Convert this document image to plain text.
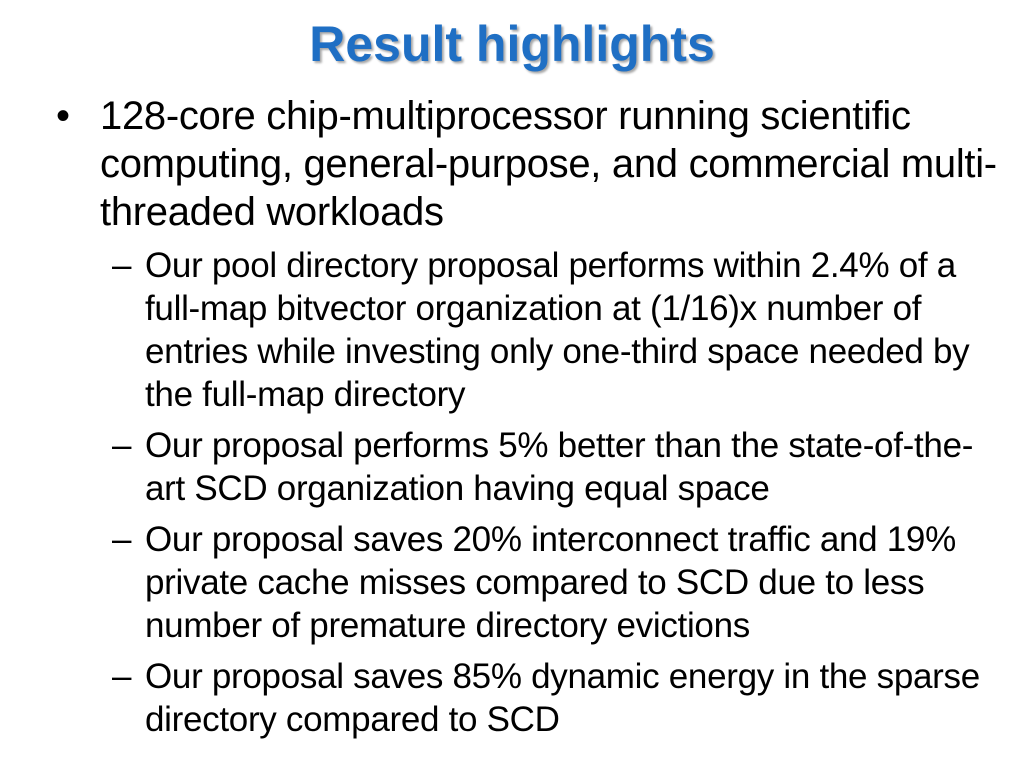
Result highlights
• 128-core chip-multiprocessor running scientific computing, general-purpose, and commercial multi-threaded workloads
– Our pool directory proposal performs within 2.4% of a full-map bitvector organization at (1/16)x number of entries while investing only one-third space needed by the full-map directory
– Our proposal performs 5% better than the state-of-the-art SCD organization having equal space
– Our proposal saves 20% interconnect traffic and 19% private cache misses compared to SCD due to less number of premature directory evictions
– Our proposal saves 85% dynamic energy in the sparse directory compared to SCD
